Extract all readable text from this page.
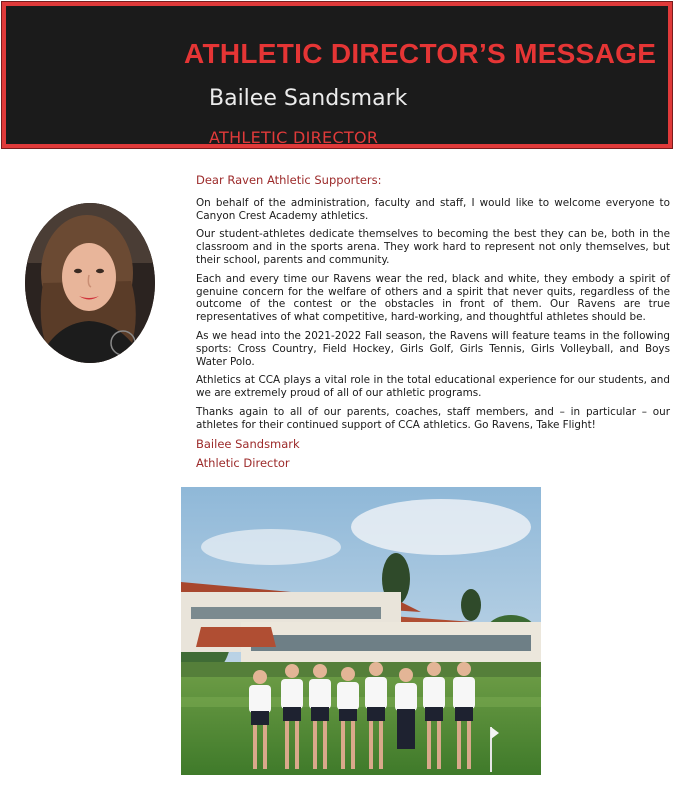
ATHLETIC DIRECTOR’S MESSAGE
Bailee Sandsmark
ATHLETIC DIRECTOR
Dear Raven Athletic Supporters:

On behalf of the administration, faculty and staff, I would like to welcome everyone to Canyon Crest Academy athletics.

Our student-athletes dedicate themselves to becoming the best they can be, both in the classroom and in the sports arena. They work hard to represent not only themselves, but their school, parents and community.

Each and every time our Ravens wear the red, black and white, they embody a spirit of genuine concern for the welfare of others and a spirit that never quits, regardless of the outcome of the contest or the obstacles in front of them. Our Ravens are true representatives of what competitive, hard-working, and thoughtful athletes should be.

As we head into the 2021-2022 Fall season, the Ravens will feature teams in the following sports: Cross Country, Field Hockey, Girls Golf, Girls Tennis, Girls Volleyball, and Boys Water Polo.

Athletics at CCA plays a vital role in the total educational experience for our students, and we are extremely proud of all of our athletic programs.

Thanks again to all of our parents, coaches, staff members, and – in particular – our athletes for their continued support of CCA athletics. Go Ravens, Take Flight!

Bailee Sandsmark
Athletic Director
